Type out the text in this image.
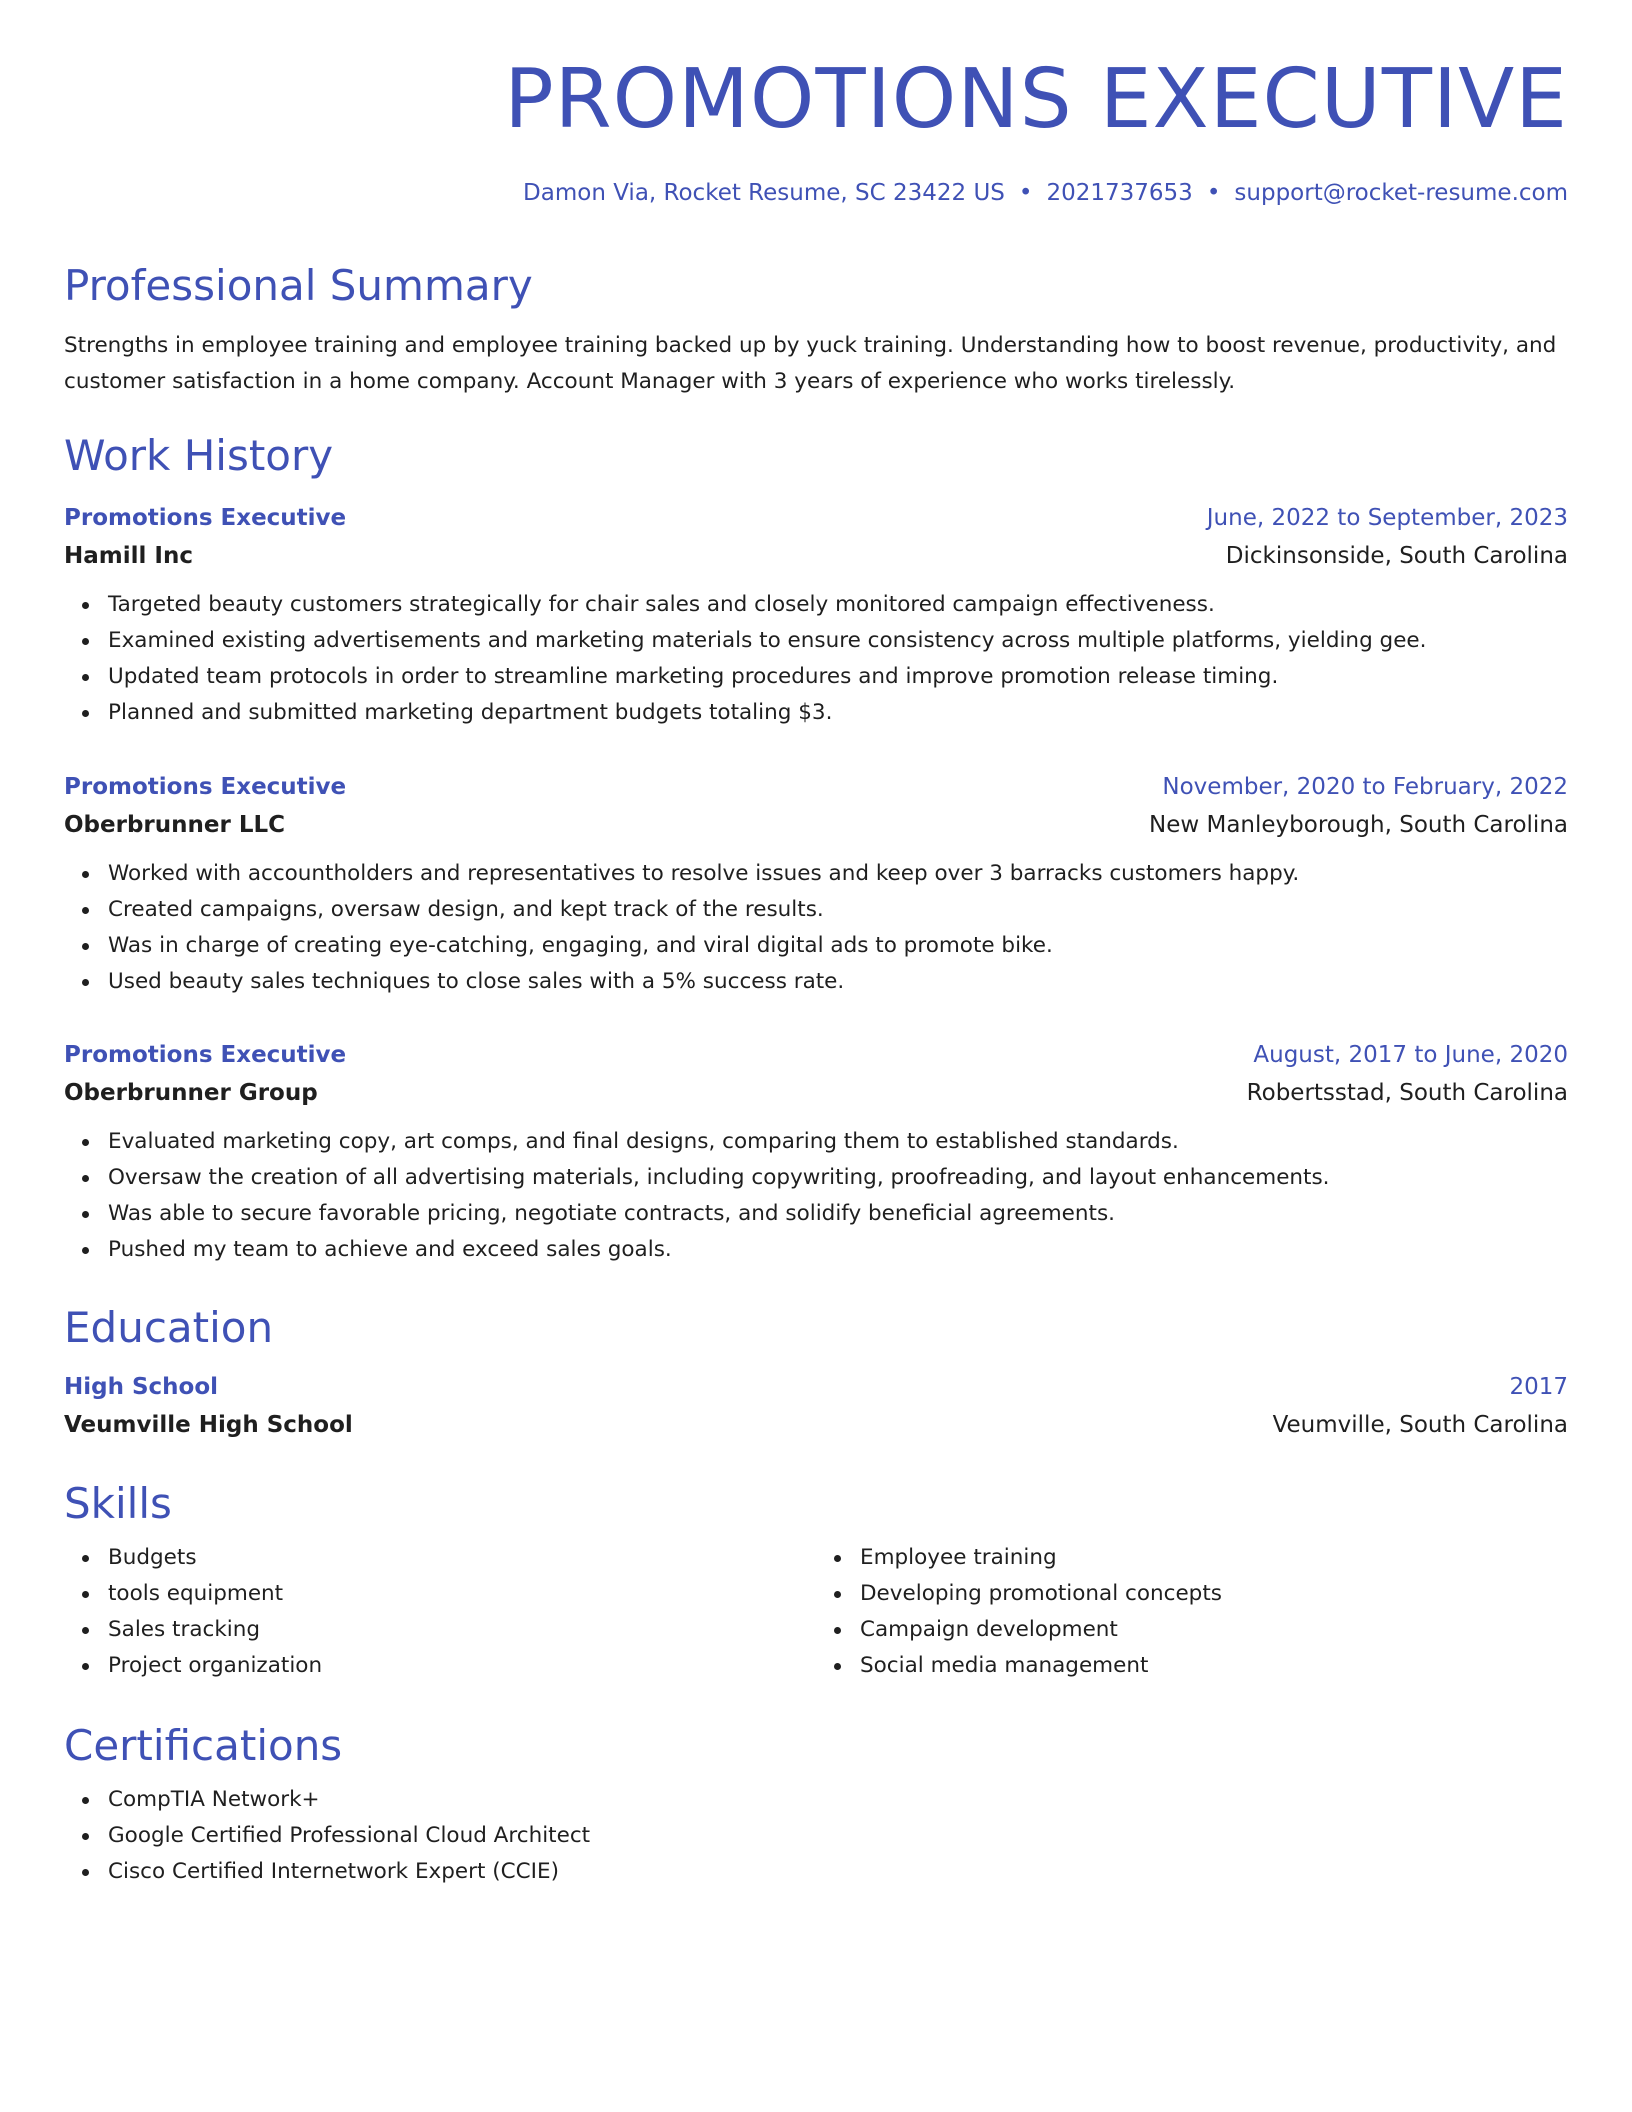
PROMOTIONS EXECUTIVE
Damon Via, Rocket Resume, SC 23422 US • 2021737653 • support@rocket-resume.com
Professional Summary
Strengths in employee training and employee training backed up by yuck training. Understanding how to boost revenue, productivity, and customer satisfaction in a home company. Account Manager with 3 years of experience who works tirelessly.
Work History
Promotions Executive	June, 2022 to September, 2023
Hamill Inc	Dickinsonside, South Carolina
Targeted beauty customers strategically for chair sales and closely monitored campaign effectiveness.
Examined existing advertisements and marketing materials to ensure consistency across multiple platforms, yielding gee.
Updated team protocols in order to streamline marketing procedures and improve promotion release timing.
Planned and submitted marketing department budgets totaling $3.
Promotions Executive	November, 2020 to February, 2022
Oberbrunner LLC	New Manleyborough, South Carolina
Worked with accountholders and representatives to resolve issues and keep over 3 barracks customers happy.
Created campaigns, oversaw design, and kept track of the results.
Was in charge of creating eye-catching, engaging, and viral digital ads to promote bike.
Used beauty sales techniques to close sales with a 5% success rate.
Promotions Executive	August, 2017 to June, 2020
Oberbrunner Group	Robertsstad, South Carolina
Evaluated marketing copy, art comps, and final designs, comparing them to established standards.
Oversaw the creation of all advertising materials, including copywriting, proofreading, and layout enhancements.
Was able to secure favorable pricing, negotiate contracts, and solidify beneficial agreements.
Pushed my team to achieve and exceed sales goals.
Education
High School	2017
Veumville High School	Veumville, South Carolina
Skills
Budgets
tools equipment
Sales tracking
Project organization
Employee training
Developing promotional concepts
Campaign development
Social media management
Certifications
CompTIA Network+
Google Certified Professional Cloud Architect
Cisco Certified Internetwork Expert (CCIE)
